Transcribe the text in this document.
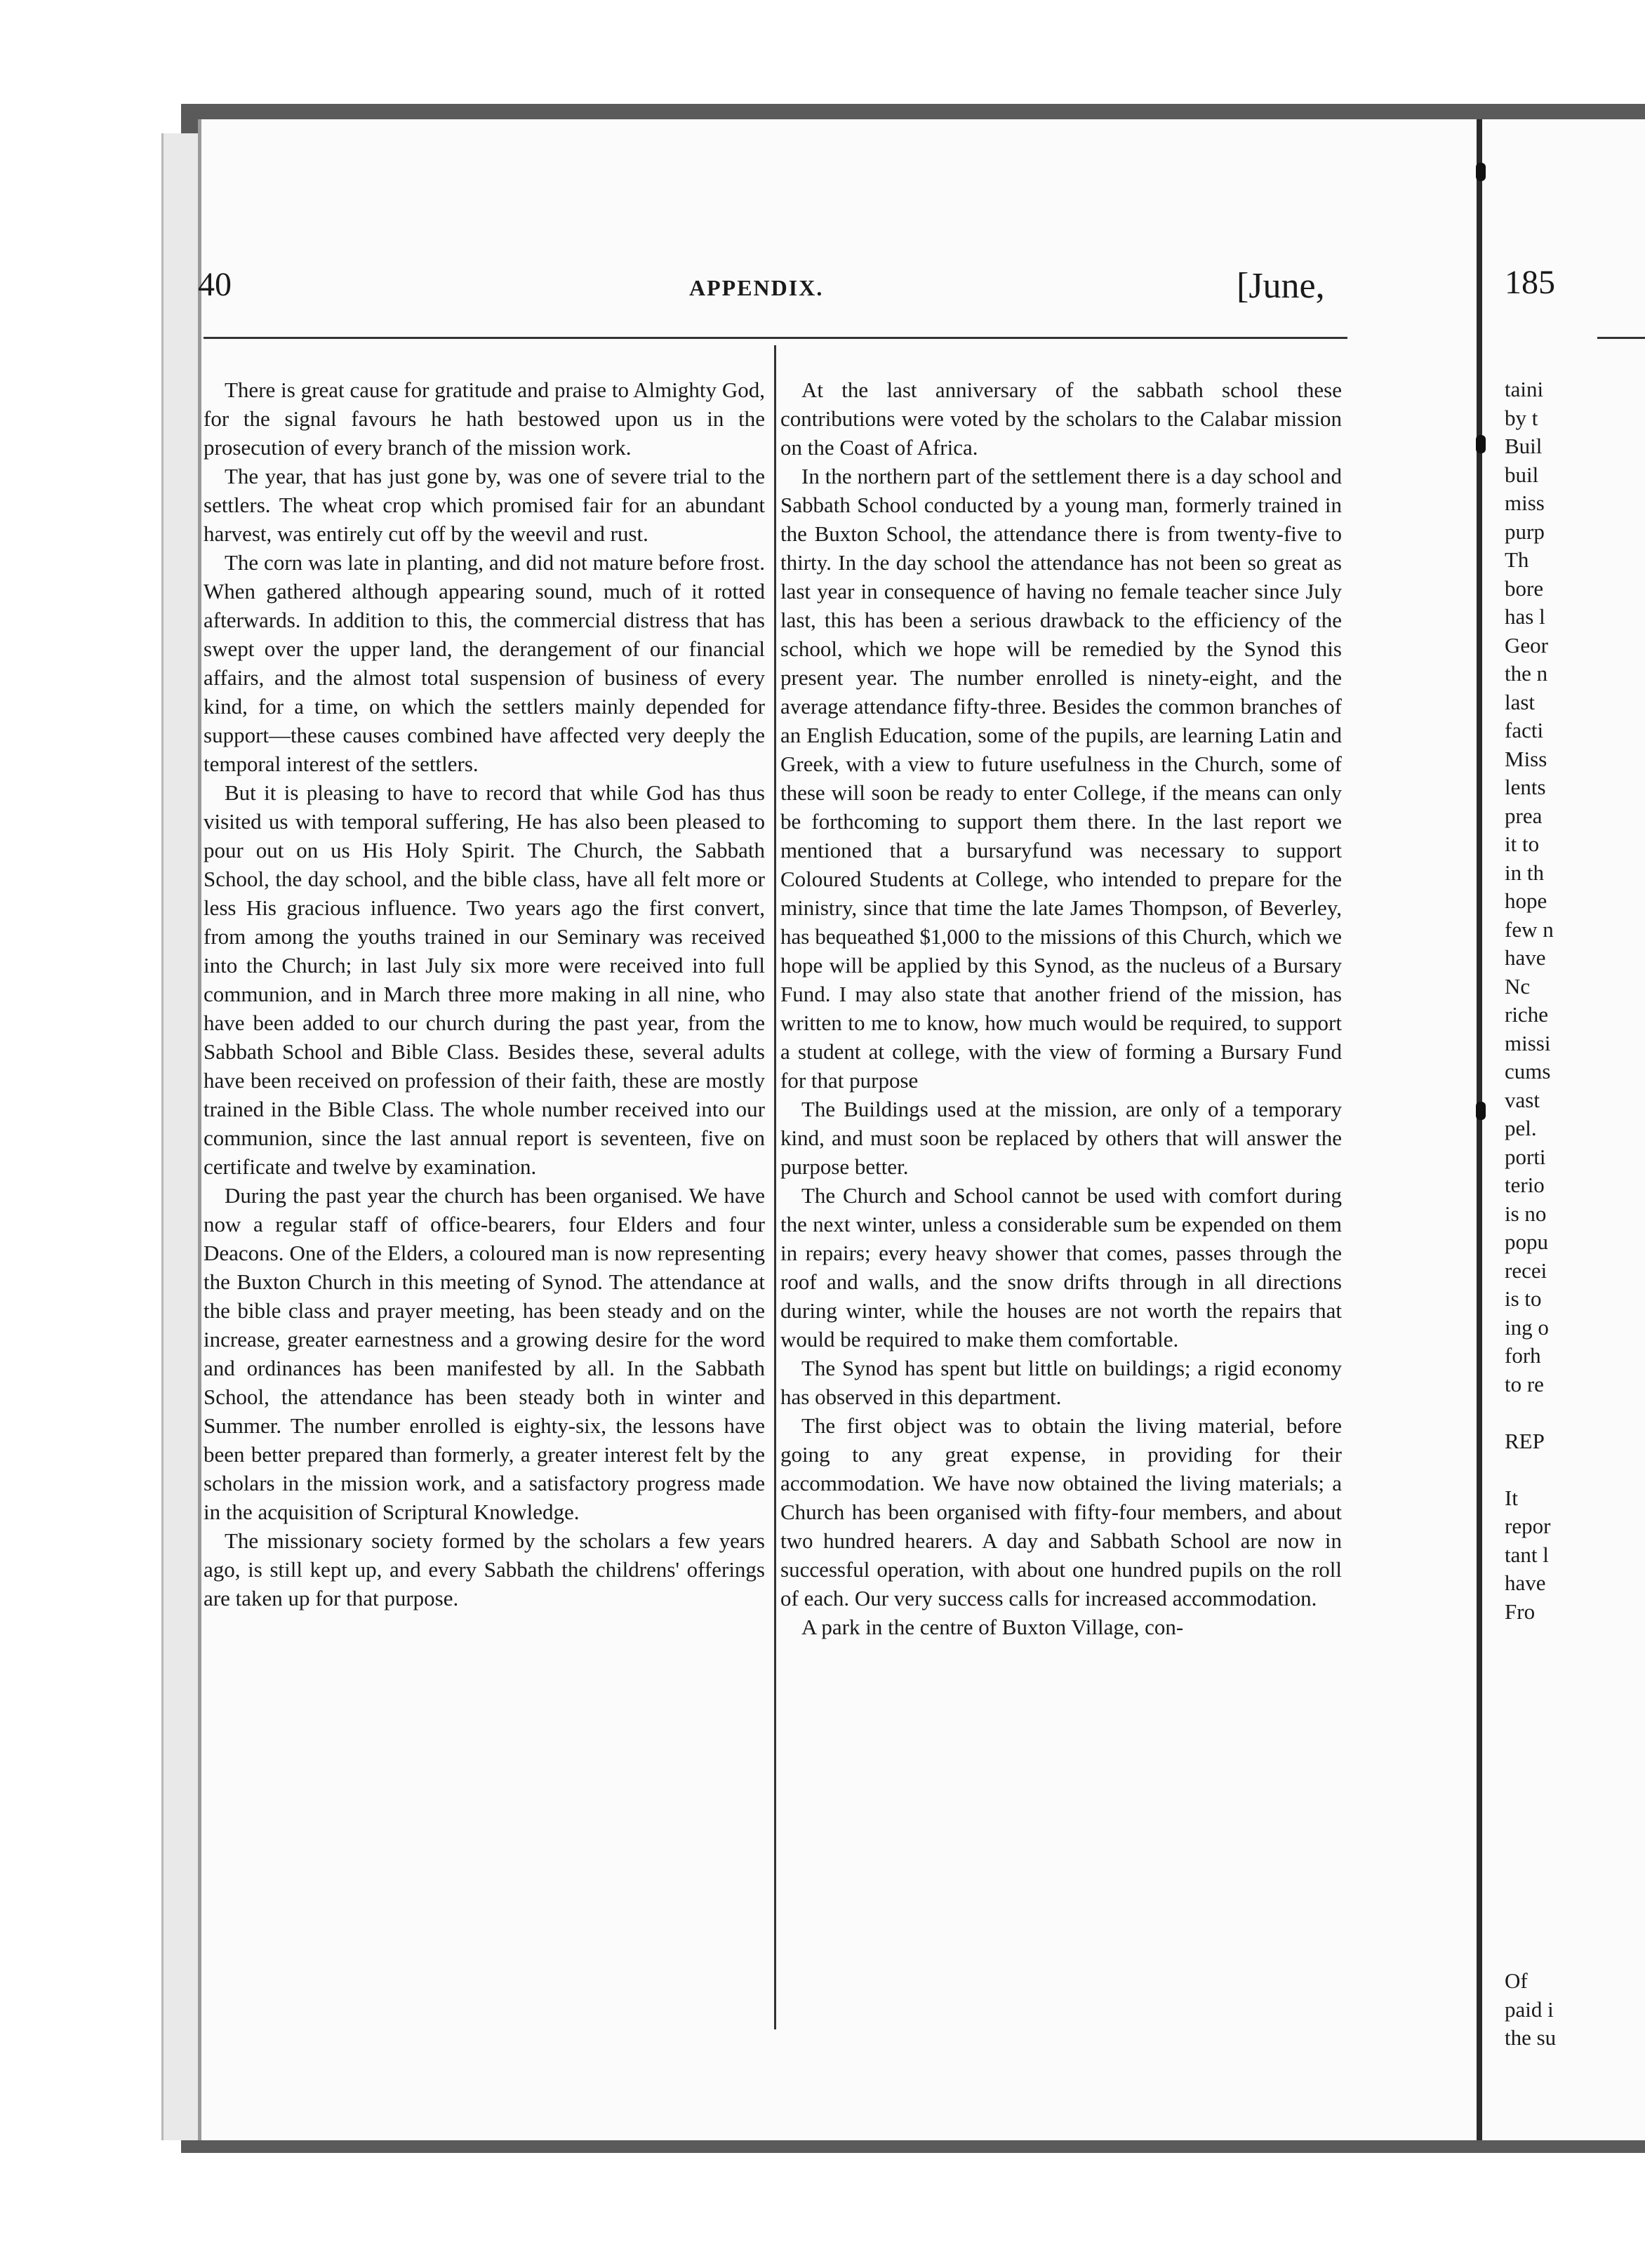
40	APPENDIX.	[June,

There is great cause for gratitude and praise to Almighty God, for the signal favours he hath bestowed upon us in the prosecution of every branch of the mission work.

The year, that has just gone by, was one of severe trial to the settlers. The wheat crop which promised fair for an abundant harvest, was entirely cut off by the weevil and rust.

The corn was late in planting, and did not mature before frost. When gathered although appearing sound, much of it rotted afterwards. In addition to this, the commercial distress that has swept over the upper land, the derangement of our financial affairs, and the almost total suspension of business of every kind, for a time, on which the settlers mainly depended for support—these causes combined have affected very deeply the temporal interest of the settlers.

But it is pleasing to have to record that while God has thus visited us with temporal suffering, He has also been pleased to pour out on us His Holy Spirit. The Church, the Sabbath School, the day school, and the bible class, have all felt more or less His gracious influence. Two years ago the first convert, from among the youths trained in our Seminary was received into the Church; in last July six more were received into full communion, and in March three more making in all nine, who have been added to our church during the past year, from the Sabbath School and Bible Class. Besides these, several adults have been received on profession of their faith, these are mostly trained in the Bible Class. The whole number received into our communion, since the last annual report is seventeen, five on certificate and twelve by examination.

During the past year the church has been organised. We have now a regular staff of office-bearers, four Elders and four Deacons. One of the Elders, a coloured man is now representing the Buxton Church in this meeting of Synod. The attendance at the bible class and prayer meeting, has been steady and on the increase, greater earnestness and a growing desire for the word and ordinances has been manifested by all. In the Sabbath School, the attendance has been steady both in winter and Summer. The number enrolled is eighty-six, the lessons have been better prepared than formerly, a greater interest felt by the scholars in the mission work, and a satisfactory progress made in the acquisition of Scriptural Knowledge.

The missionary society formed by the scholars a few years ago, is still kept up, and every Sabbath the childrens' offerings are taken up for that purpose.

At the last anniversary of the sabbath school these contributions were voted by the scholars to the Calabar mission on the Coast of Africa.

In the northern part of the settlement there is a day school and Sabbath School conducted by a young man, formerly trained in the Buxton School, the attendance there is from twenty-five to thirty. In the day school the attendance has not been so great as last year in consequence of having no female teacher since July last, this has been a serious drawback to the efficiency of the school, which we hope will be remedied by the Synod this present year. The number enrolled is ninety-eight, and the average attendance fifty-three. Besides the common branches of an English Education, some of the pupils, are learning Latin and Greek, with a view to future usefulness in the Church, some of these will soon be ready to enter College, if the means can only be forthcoming to support them there. In the last report we mentioned that a bursaryfund was necessary to support Coloured Students at College, who intended to prepare for the ministry, since that time the late James Thompson, of Beverley, has bequeathed $1,000 to the missions of this Church, which we hope will be applied by this Synod, as the nucleus of a Bursary Fund. I may also state that another friend of the mission, has written to me to know, how much would be required, to support a student at college, with the view of forming a Bursary Fund for that purpose

The Buildings used at the mission, are only of a temporary kind, and must soon be replaced by others that will answer the purpose better.

The Church and School cannot be used with comfort during the next winter, unless a considerable sum be expended on them in repairs; every heavy shower that comes, passes through the roof and walls, and the snow drifts through in all directions during winter, while the houses are not worth the repairs that would be required to make them comfortable.

The Synod has spent but little on buildings; a rigid economy has observed in this department.

The first object was to obtain the living material, before going to any great expense, in providing for their accommodation. We have now obtained the living materials; a Church has been organised with fifty-four members, and about two hundred hearers. A day and Sabbath School are now in successful operation, with about one hundred pupils on the roll of each. Our very success calls for increased accommodation.

A park in the centre of Buxton Village, con-

185
taini
by t
Buil
buil
miss
purp
Th
bore
has l
Geor
the n
last
facti
Miss
lents
prea
it to
in th
hope
few n
have
Nc
riche
missi
cums
vast
pel.
porti
terio
is no
popu
recei
is to
ing o
forh
to re

REP

It
repor
tant l
have
Fro

Of
paid i
the su
